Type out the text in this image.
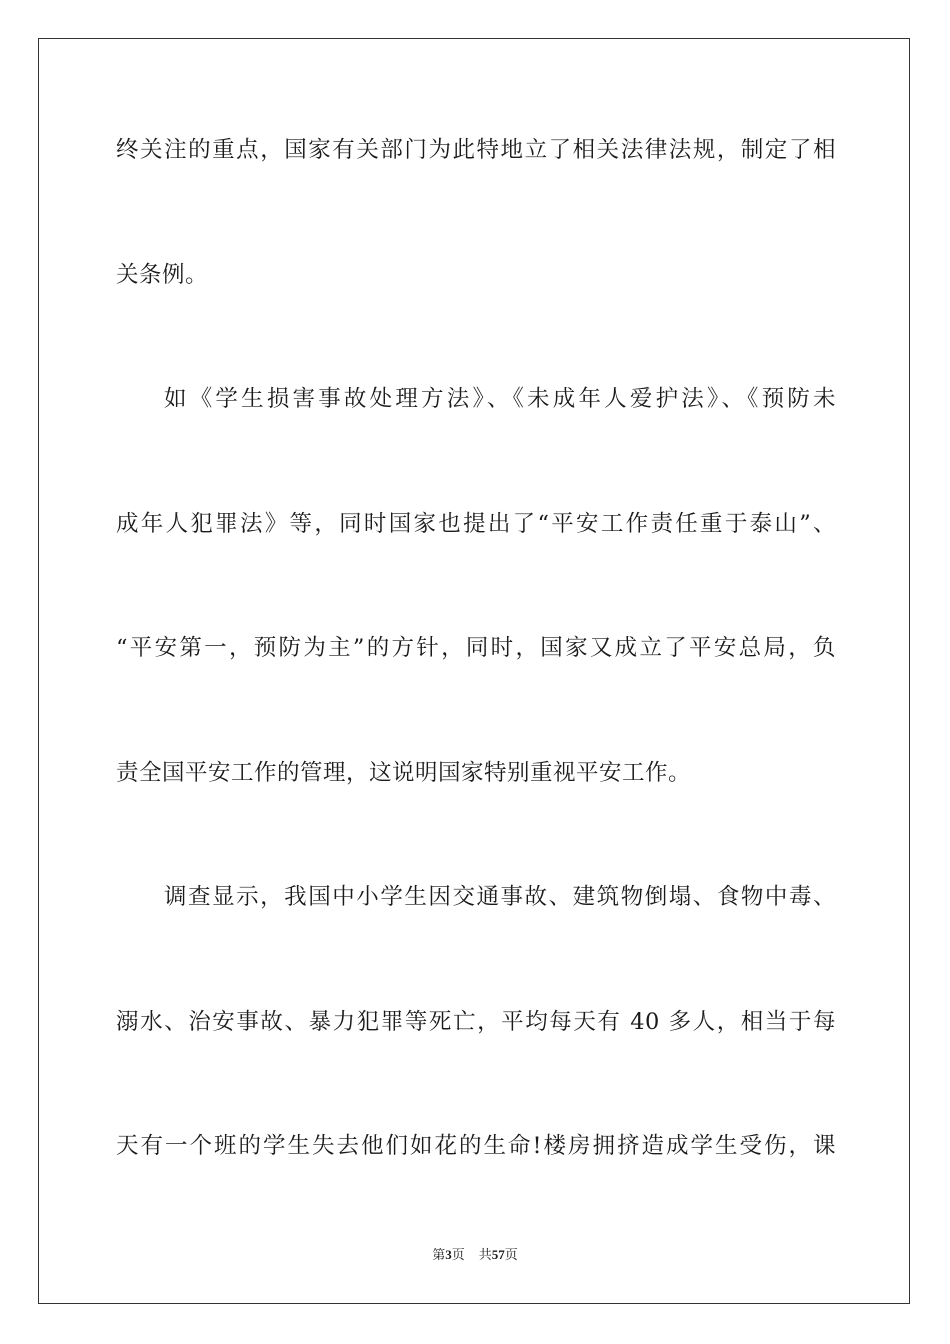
终关注的重点，国家有关部门为此特地立了相关法律法规，制定了相
关条例。
如《学生损害事故处理方法》、《未成年人爱护法》、《预防未
成年人犯罪法》等，同时国家也提出了“平安工作责任重于泰山”、
“平安第一，预防为主”的方针，同时，国家又成立了平安总局，负
责全国平安工作的管理，这说明国家特别重视平安工作。
调查显示，我国中小学生因交通事故、建筑物倒塌、食物中毒、
溺水、治安事故、暴力犯罪等死亡，平均每天有 40 多人，相当于每
天有一个班的学生失去他们如花的生命!楼房拥挤造成学生受伤，课
第3页 共57页
